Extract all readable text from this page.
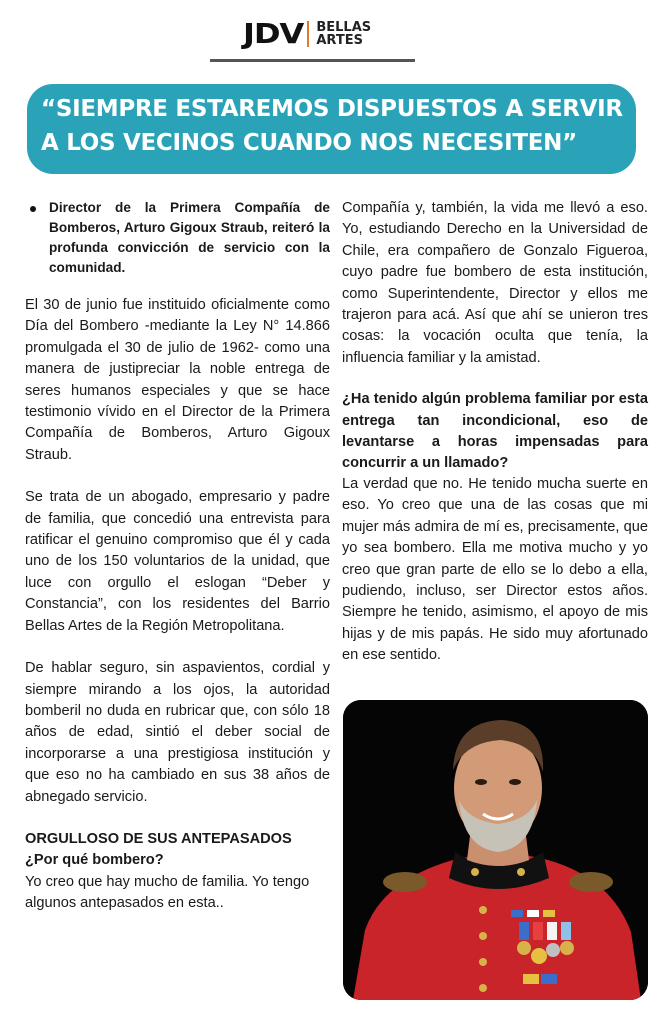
JDV BELLAS
ARTES
“SIEMPRE ESTAREMOS DISPUESTOS A SERVIR A LOS VECINOS CUANDO NOS NECESITEN”
Director de la Primera Compañía de Bomberos, Arturo Gigoux Straub, reiteró la profunda convicción de servicio con la comunidad.

El 30 de junio fue instituido oficialmente como Día del Bombero -mediante la Ley N° 14.866 promulgada el 30 de julio de 1962- como una manera de justipreciar la noble entrega de seres humanos especiales y que se hace testimonio vívido en el Director de la Primera Compañía de Bomberos, Arturo Gigoux Straub.

Se trata de un abogado, empresario y padre de familia, que concedió una entrevista para ratificar el genuino compromiso que él y cada uno de los 150 voluntarios de la unidad, que luce con orgullo el eslogan “Deber y Constancia”, con los residentes del Barrio Bellas Artes de la Región Metropolitana.

De hablar seguro, sin aspavientos, cordial y siempre mirando a los ojos, la autoridad bomberil no duda en rubricar que, con sólo 18 años de edad, sintió el deber social de incorporarse a una prestigiosa institución y que eso no ha cambiado en sus 38 años de abnegado servicio.

ORGULLOSO DE SUS ANTEPASADOS

¿Por qué bombero?

Yo creo que hay mucho de familia. Yo tengo algunos antepasados en esta..

Compañía y, también, la vida me llevó a eso. Yo, estudiando Derecho en la Universidad de Chile, era compañero de Gonzalo Figueroa, cuyo padre fue bombero de esta institución, como Superintendente, Director y ellos me trajeron para acá. Así que ahí se unieron tres cosas: la vocación oculta que tenía, la influencia familiar y la amistad.

¿Ha tenido algún problema familiar por esta entrega tan incondicional, eso de levantarse a horas impensadas para concurrir a un llamado?

La verdad que no. He tenido mucha suerte en eso. Yo creo que una de las cosas que mi mujer más admira de mí es, precisamente, que yo sea bombero. Ella me motiva mucho y yo creo que gran parte de ello se lo debo a ella, pudiendo, incluso, ser Director estos años. Siempre he tenido, asimismo, el apoyo de mis hijas y de mis papás. He sido muy afortunado en ese sentido.
